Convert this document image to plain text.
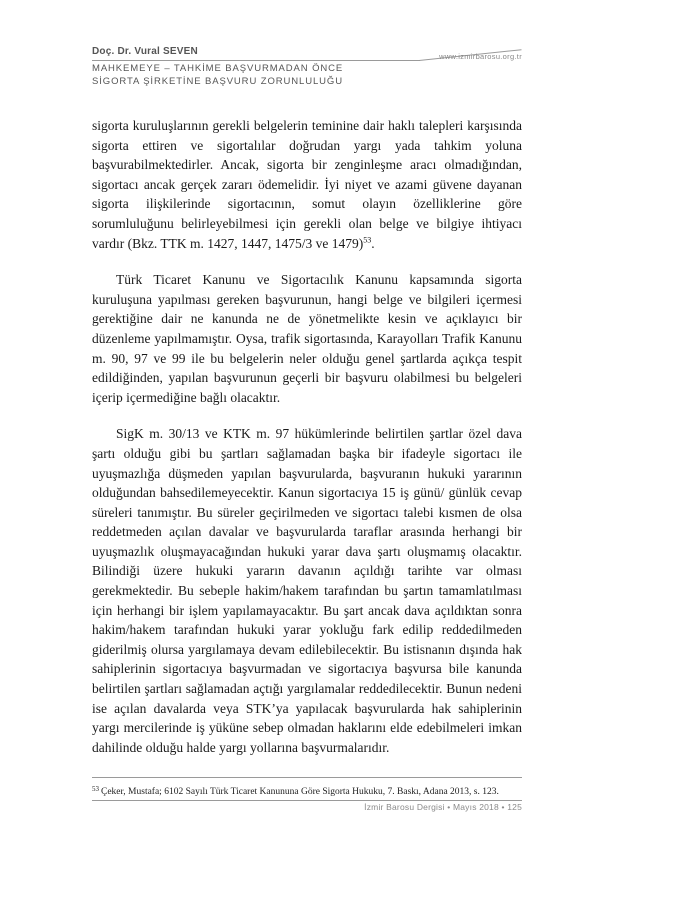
Doç. Dr. Vural SEVEN	www.izmirbarosu.org.tr
MAHKEMEYE – TAHKİME BAŞVURMADAN ÖNCE
SİGORTA ŞİRKETİNE BAŞVURU ZORUNLULUĞU

sigorta kuruluşlarının gerekli belgelerin teminine dair haklı talepleri karşısında sigorta ettiren ve sigortalılar doğrudan yargı yada tahkim yoluna başvurabilmektedirler. Ancak, sigorta bir zenginleşme aracı olmadığından, sigortacı ancak gerçek zararı ödemelidir. İyi niyet ve azami güvene dayanan sigorta ilişkilerinde sigortacının, somut olayın özelliklerine göre sorumluluğunu belirleyebilmesi için gerekli olan belge ve bilgiye ihtiyacı vardır (Bkz. TTK m. 1427, 1447, 1475/3 ve 1479)$^{53}$.

Türk Ticaret Kanunu ve Sigortacılık Kanunu kapsamında sigorta kuruluşuna yapılması gereken başvurunun, hangi belge ve bilgileri içermesi gerektiğine dair ne kanunda ne de yönetmelikte kesin ve açıklayıcı bir düzenleme yapılmamıştır. Oysa, trafik sigortasında, Karayolları Trafik Kanunu m. 90, 97 ve 99 ile bu belgelerin neler olduğu genel şartlarda açıkça tespit edildiğinden, yapılan başvurunun geçerli bir başvuru olabilmesi bu belgeleri içerip içermediğine bağlı olacaktır.

SigK m. 30/13 ve KTK m. 97 hükümlerinde belirtilen şartlar özel dava şartı olduğu gibi bu şartları sağlamadan başka bir ifadeyle sigortacı ile uyuşmazlığa düşmeden yapılan başvurularda, başvuranın hukuki yararının olduğundan bahsedilemeyecektir. Kanun sigortacıya 15 iş günü/ günlük cevap süreleri tanımıştır. Bu süreler geçirilmeden ve sigortacı talebi kısmen de olsa reddetmeden açılan davalar ve başvurularda taraflar arasında herhangi bir uyuşmazlık oluşmayacağından hukuki yarar dava şartı oluşmamış olacaktır. Bilindiği üzere hukuki yararın davanın açıldığı tarihte var olması gerekmektedir. Bu sebeple hakim/hakem tarafından bu şartın tamamlatılması için herhangi bir işlem yapılamayacaktır. Bu şart ancak dava açıldıktan sonra hakim/hakem tarafından hukuki yarar yokluğu fark edilip reddedilmeden giderilmiş olursa yargılamaya devam edilebilecektir. Bu istisnanın dışında hak sahiplerinin sigortacıya başvurmadan ve sigortacıya başvursa bile kanunda belirtilen şartları sağlamadan açtığı yargılamalar reddedilecektir. Bunun nedeni ise açılan davalarda veya STK’ya yapılacak başvurularda hak sahiplerinin yargı mercilerinde iş yüküne sebep olmadan haklarını elde edebilmeleri imkan dahilinde olduğu halde yargı yollarına başvurmalarıdır.

$^{53}$ Çeker, Mustafa; 6102 Sayılı Türk Ticaret Kanununa Göre Sigorta Hukuku, 7. Baskı, Adana 2013, s. 123.
İzmir Barosu Dergisi • Mayıs 2018 • 125
